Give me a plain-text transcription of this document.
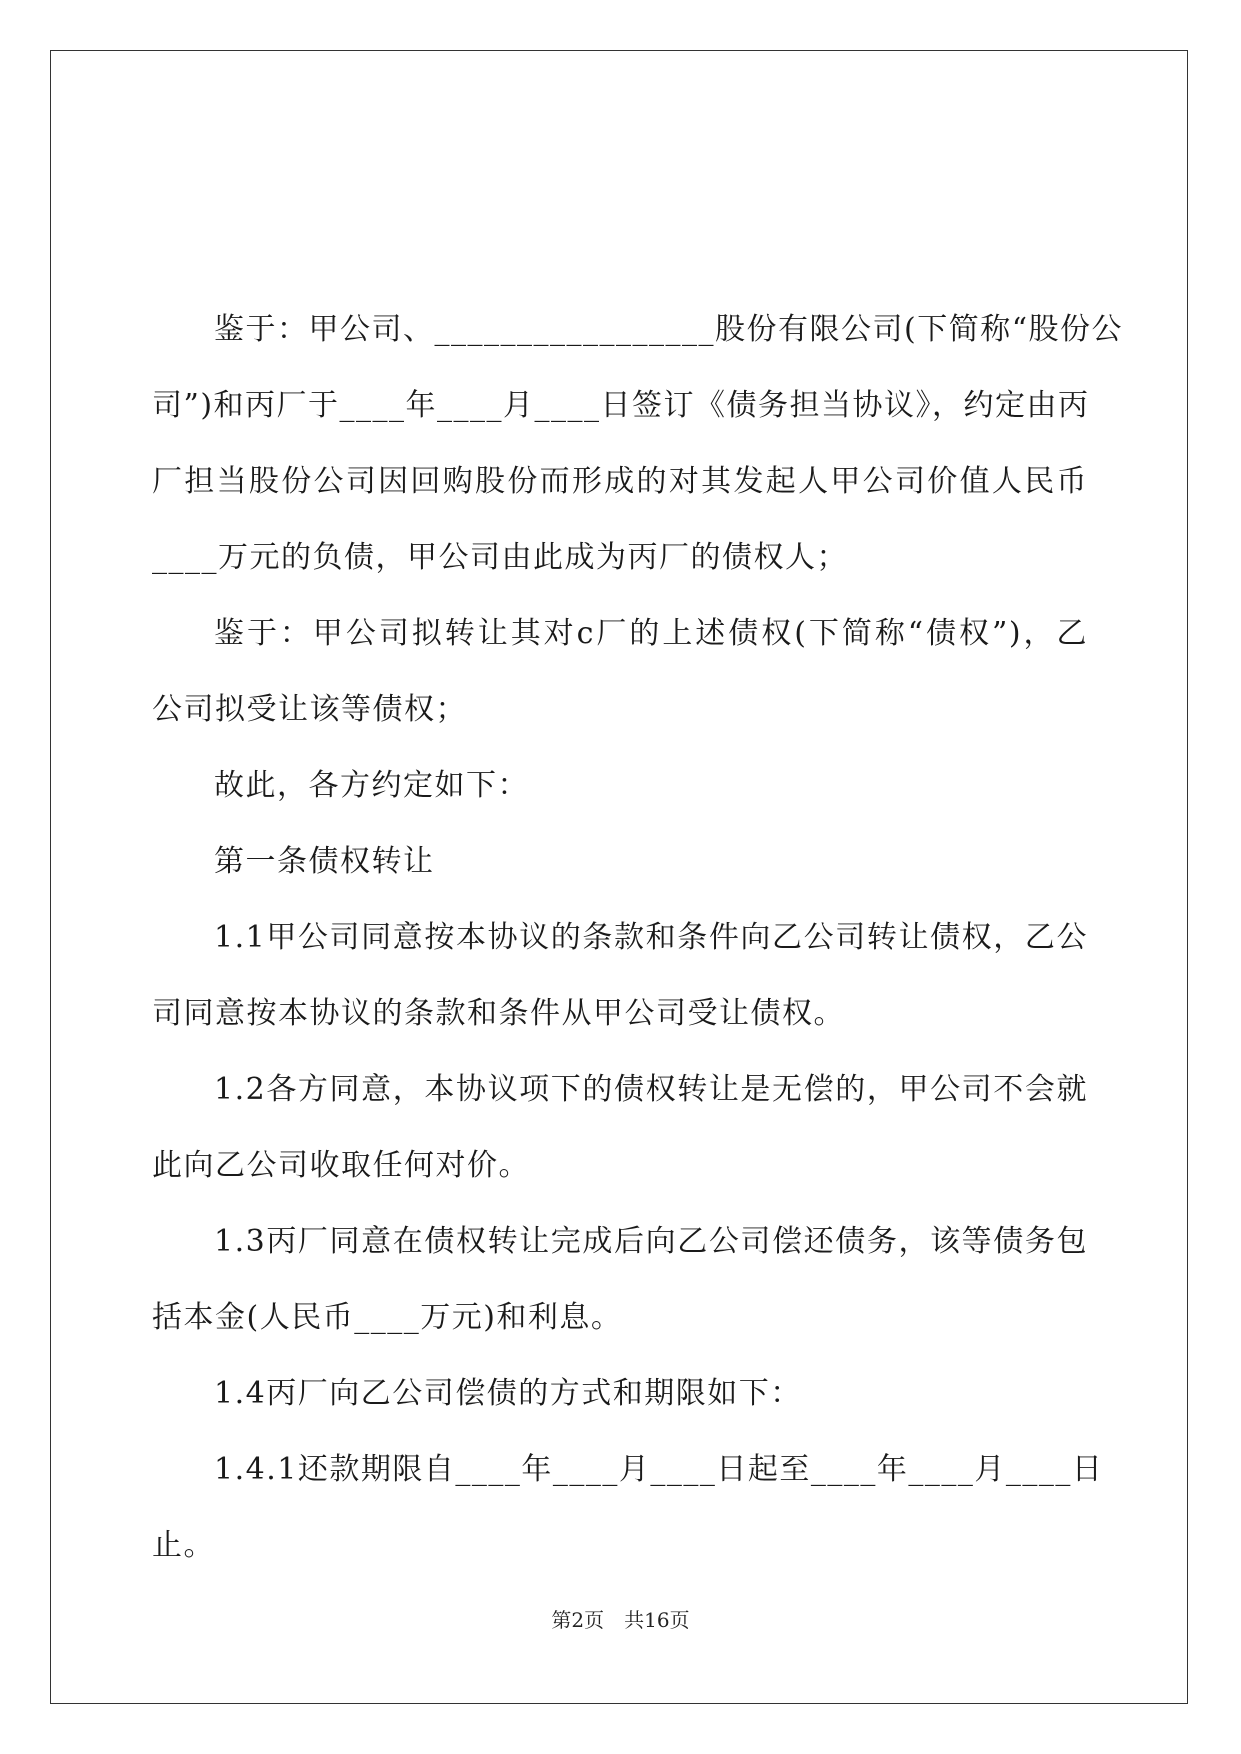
鉴于：甲公司、_________________股份有限公司(下简称“股份公
司”)和丙厂于____年____月____日签订《债务担当协议》，约定由丙
厂担当股份公司因回购股份而形成的对其发起人甲公司价值人民币
____万元的负债，甲公司由此成为丙厂的债权人；
鉴于：甲公司拟转让其对c厂的上述债权(下简称“债权”)，乙
公司拟受让该等债权；
故此，各方约定如下：
第一条债权转让
1.1甲公司同意按本协议的条款和条件向乙公司转让债权，乙公
司同意按本协议的条款和条件从甲公司受让债权。
1.2各方同意，本协议项下的债权转让是无偿的，甲公司不会就
此向乙公司收取任何对价。
1.3丙厂同意在债权转让完成后向乙公司偿还债务，该等债务包
括本金(人民币____万元)和利息。
1.4丙厂向乙公司偿债的方式和期限如下：
1.4.1还款期限自____年____月____日起至____年____月____日
止。
第2页 共16页
